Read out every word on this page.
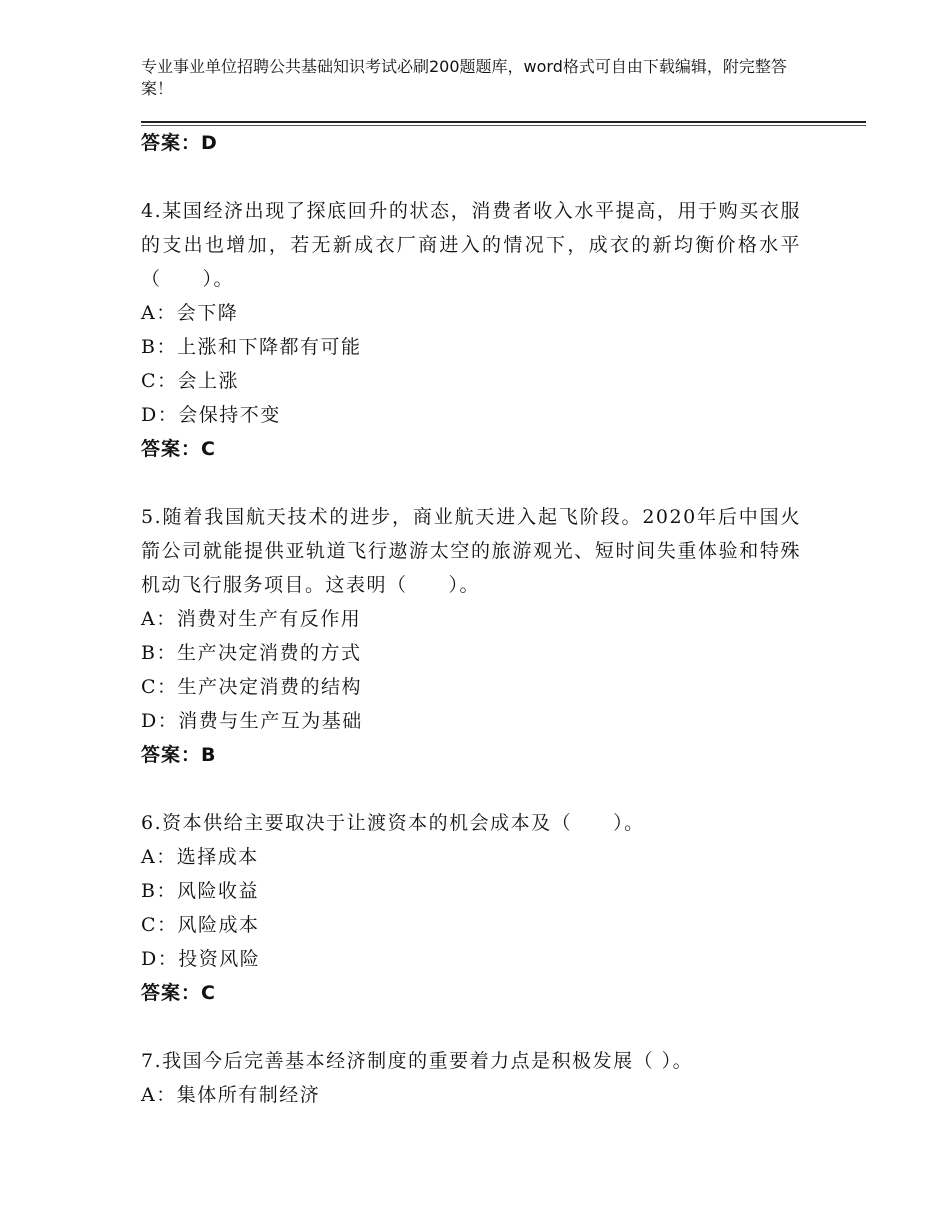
专业事业单位招聘公共基础知识考试必刷200题题库，word格式可自由下载编辑，附完整答案！
答案：D
4.某国经济出现了探底回升的状态，消费者收入水平提高，用于购买衣服的支出也增加，若无新成衣厂商进入的情况下，成衣的新均衡价格水平（　　）。
A：会下降
B：上涨和下降都有可能
C：会上涨
D：会保持不变
答案：C
5.随着我国航天技术的进步，商业航天进入起飞阶段。2020年后中国火箭公司就能提供亚轨道飞行遨游太空的旅游观光、短时间失重体验和特殊机动飞行服务项目。这表明（　　）。
A：消费对生产有反作用
B：生产决定消费的方式
C：生产决定消费的结构
D：消费与生产互为基础
答案：B
6.资本供给主要取决于让渡资本的机会成本及（　　）。
A：选择成本
B：风险收益
C：风险成本
D：投资风险
答案：C
7.我国今后完善基本经济制度的重要着力点是积极发展（ ）。
A：集体所有制经济
